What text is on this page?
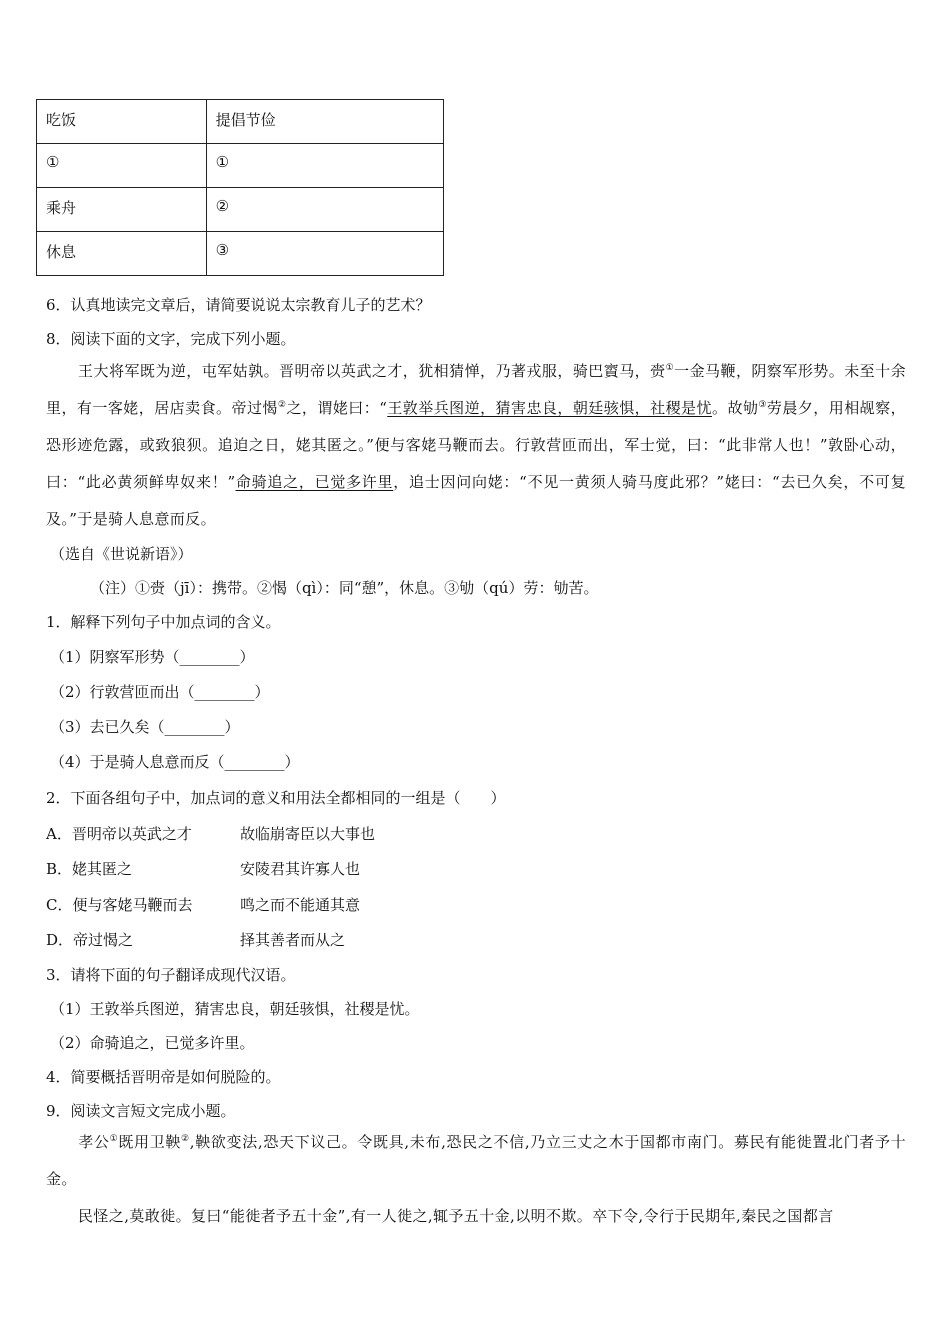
吃饭	提倡节俭
①	①
乘舟	②
休息	③
6．认真地读完文章后，请简要说说太宗教育儿子的艺术？
8．阅读下面的文字，完成下列小题。
王大将军既为逆，屯军姑孰。晋明帝以英武之才，犹相猜惮，乃著戎服，骑巴賨马，赍①一金马鞭，阴察军形势。未至十余里，有一客姥，居店卖食。帝过愒②之，谓姥曰：“王敦举兵图逆，猜害忠良，朝廷骇惧，社稷是忧。故劬③劳晨夕，用相觇察，恐形迹危露，或致狼狈。追迫之日，姥其匿之。”便与客姥马鞭而去。行敦营匝而出，军士觉，曰：“此非常人也！”敦卧心动，曰：“此必黄须鲜卑奴来！”命骑追之，已觉多许里，追士因问向姥：“不见一黄须人骑马度此邪？”姥曰：“去已久矣，不可复及。”于是骑人息意而反。
（选自《世说新语》）
（注）①赍（jī）：携带。②愒（qì）：同“憩”，休息。③劬（qú）劳：劬苦。
1．解释下列句子中加点词的含义。
（1）阴察军形势（________）
（2）行敦营匝而出（________）
（3）去已久矣（________）
（4）于是骑人息意而反（________）
2．下面各组句子中，加点词的意义和用法全都相同的一组是（　　）
A．晋明帝以英武之才	故临崩寄臣以大事也
B．姥其匿之	安陵君其许寡人也
C．便与客姥马鞭而去	鸣之而不能通其意
D．帝过愒之	择其善者而从之
3．请将下面的句子翻译成现代汉语。
（1）王敦举兵图逆，猜害忠良，朝廷骇惧，社稷是忧。
（2）命骑追之，已觉多许里。
4．简要概括晋明帝是如何脱险的。
9．阅读文言短文完成小题。
孝公①既用卫鞅②,鞅欲变法,恐天下议己。令既具,未布,恐民之不信,乃立三丈之木于国都市南门。募民有能徙置北门者予十金。
民怪之,莫敢徙。复曰“能徙者予五十金”,有一人徙之,辄予五十金,以明不欺。卒下令,令行于民期年,秦民之国都言
